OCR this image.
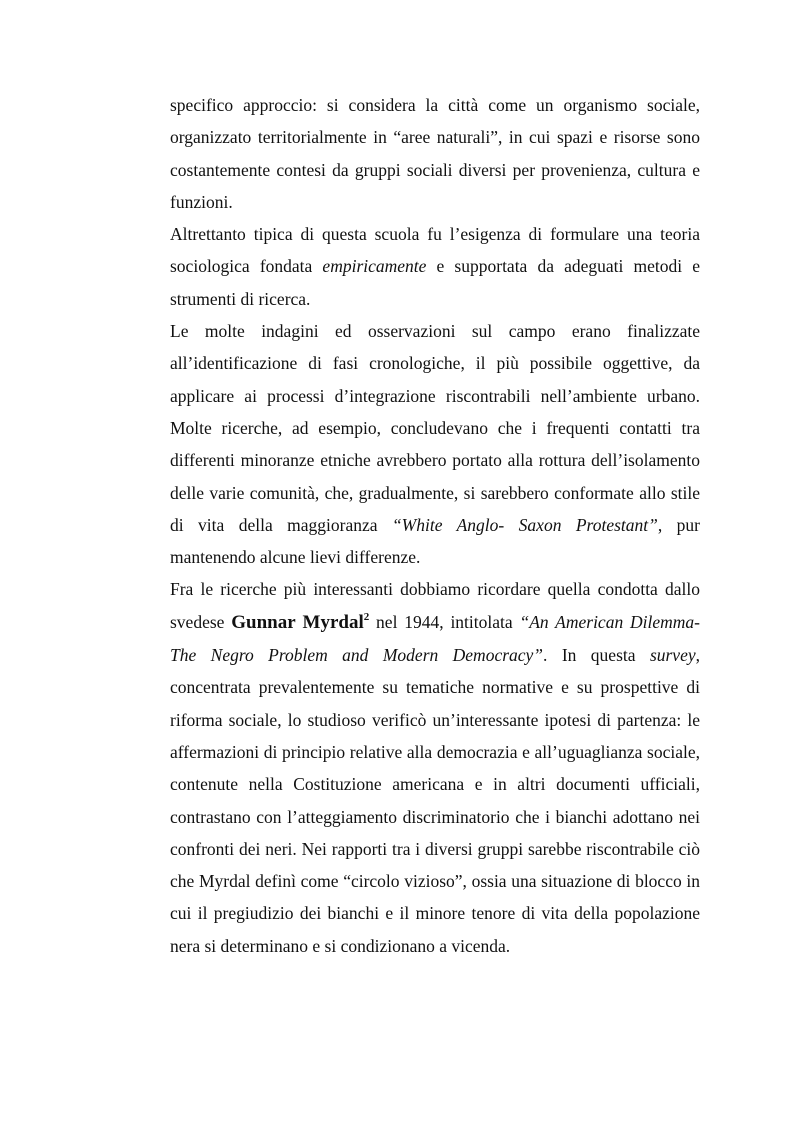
specifico approccio: si considera la città come un organismo sociale, organizzato territorialmente in “aree naturali”, in cui spazi e risorse sono costantemente contesi da gruppi sociali diversi per provenienza, cultura e funzioni.

Altrettanto tipica di questa scuola fu l’esigenza di formulare una teoria sociologica fondata empiricamente e supportata da adeguati metodi e strumenti di ricerca.

Le molte indagini ed osservazioni sul campo erano finalizzate all’identificazione di fasi cronologiche, il più possibile oggettive, da applicare ai processi d’integrazione riscontrabili nell’ambiente urbano. Molte ricerche, ad esempio, concludevano che i frequenti contatti tra differenti minoranze etniche avrebbero portato alla rottura dell’isolamento delle varie comunità, che, gradualmente, si sarebbero conformate allo stile di vita della maggioranza “White Anglo- Saxon Protestant”, pur mantenendo alcune lievi differenze.

Fra le ricerche più interessanti dobbiamo ricordare quella condotta dallo svedese Gunnar Myrdal$^2$ nel 1944, intitolata “An American Dilemma- The Negro Problem and Modern Democracy”. In questa survey, concentrata prevalentemente su tematiche normative e su prospettive di riforma sociale, lo studioso verificò un’interessante ipotesi di partenza: le affermazioni di principio relative alla democrazia e all’uguaglianza sociale, contenute nella Costituzione americana e in altri documenti ufficiali, contrastano con l’atteggiamento discriminatorio che i bianchi adottano nei confronti dei neri. Nei rapporti tra i diversi gruppi sarebbe riscontrabile ciò che Myrdal definì come “circolo vizioso”, ossia una situazione di blocco in cui il pregiudizio dei bianchi e il minore tenore di vita della popolazione nera si determinano e si condizionano a vicenda.
